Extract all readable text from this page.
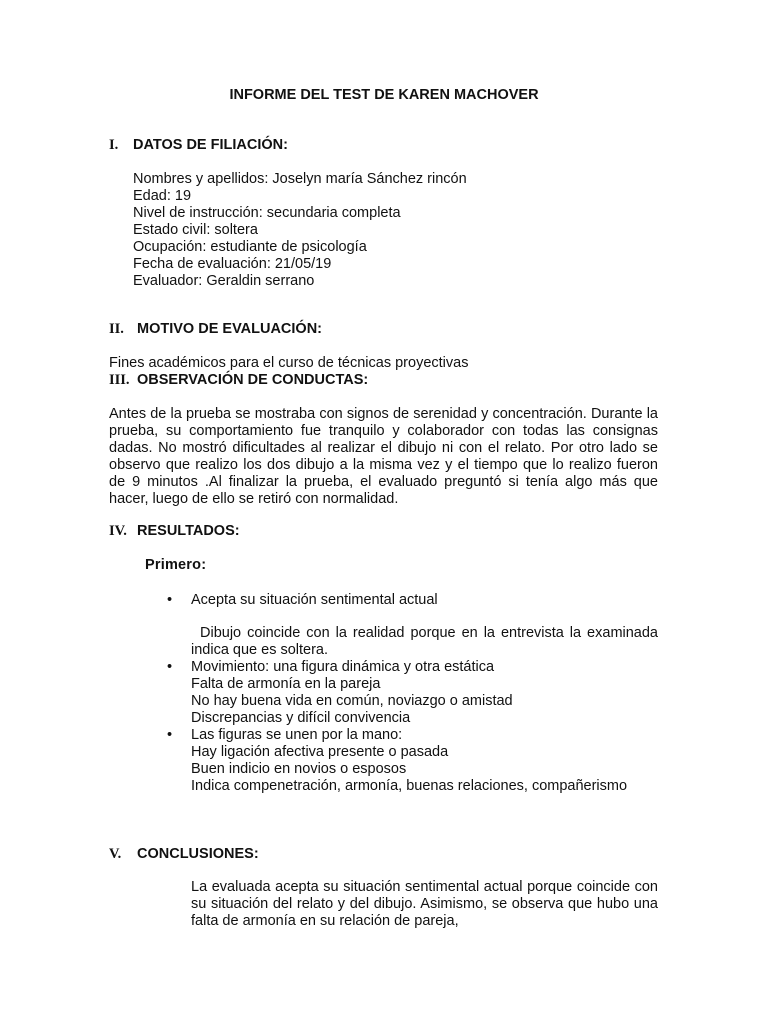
INFORME DEL TEST DE KAREN MACHOVER
I. DATOS DE FILIACIÓN:
Nombres y apellidos: Joselyn maría Sánchez rincón
Edad: 19
Nivel de instrucción: secundaria completa
Estado civil: soltera
Ocupación: estudiante de psicología
Fecha de evaluación: 21/05/19
Evaluador: Geraldin serrano
II. MOTIVO DE EVALUACIÓN:
Fines académicos para el curso de técnicas proyectivas
III. OBSERVACIÓN DE CONDUCTAS:
Antes de la prueba se mostraba con signos de serenidad y concentración. Durante la prueba, su comportamiento fue tranquilo y colaborador con todas las consignas dadas. No mostró dificultades al realizar el dibujo ni con el relato. Por otro lado se observo que realizo los dos dibujo a la misma vez y el tiempo que lo realizo fueron de 9 minutos .Al finalizar la prueba, el evaluado preguntó si tenía algo más que hacer, luego de ello se retiró con normalidad.
IV. RESULTADOS:
Primero:
•	Acepta su situación sentimental actual
Dibujo coincide con la realidad porque en la entrevista la examinada indica que es soltera.
•	Movimiento: una figura dinámica y otra estática
Falta de armonía en la pareja
No hay buena vida en común, noviazgo o amistad
Discrepancias y difícil convivencia
•	Las figuras se unen por la mano:
Hay ligación afectiva presente o pasada
Buen indicio en novios o esposos
Indica compenetración, armonía, buenas relaciones, compañerismo
V. CONCLUSIONES:
La evaluada acepta su situación sentimental actual porque coincide con su situación del relato y del dibujo. Asimismo, se observa que hubo una falta de armonía en su relación de pareja,
